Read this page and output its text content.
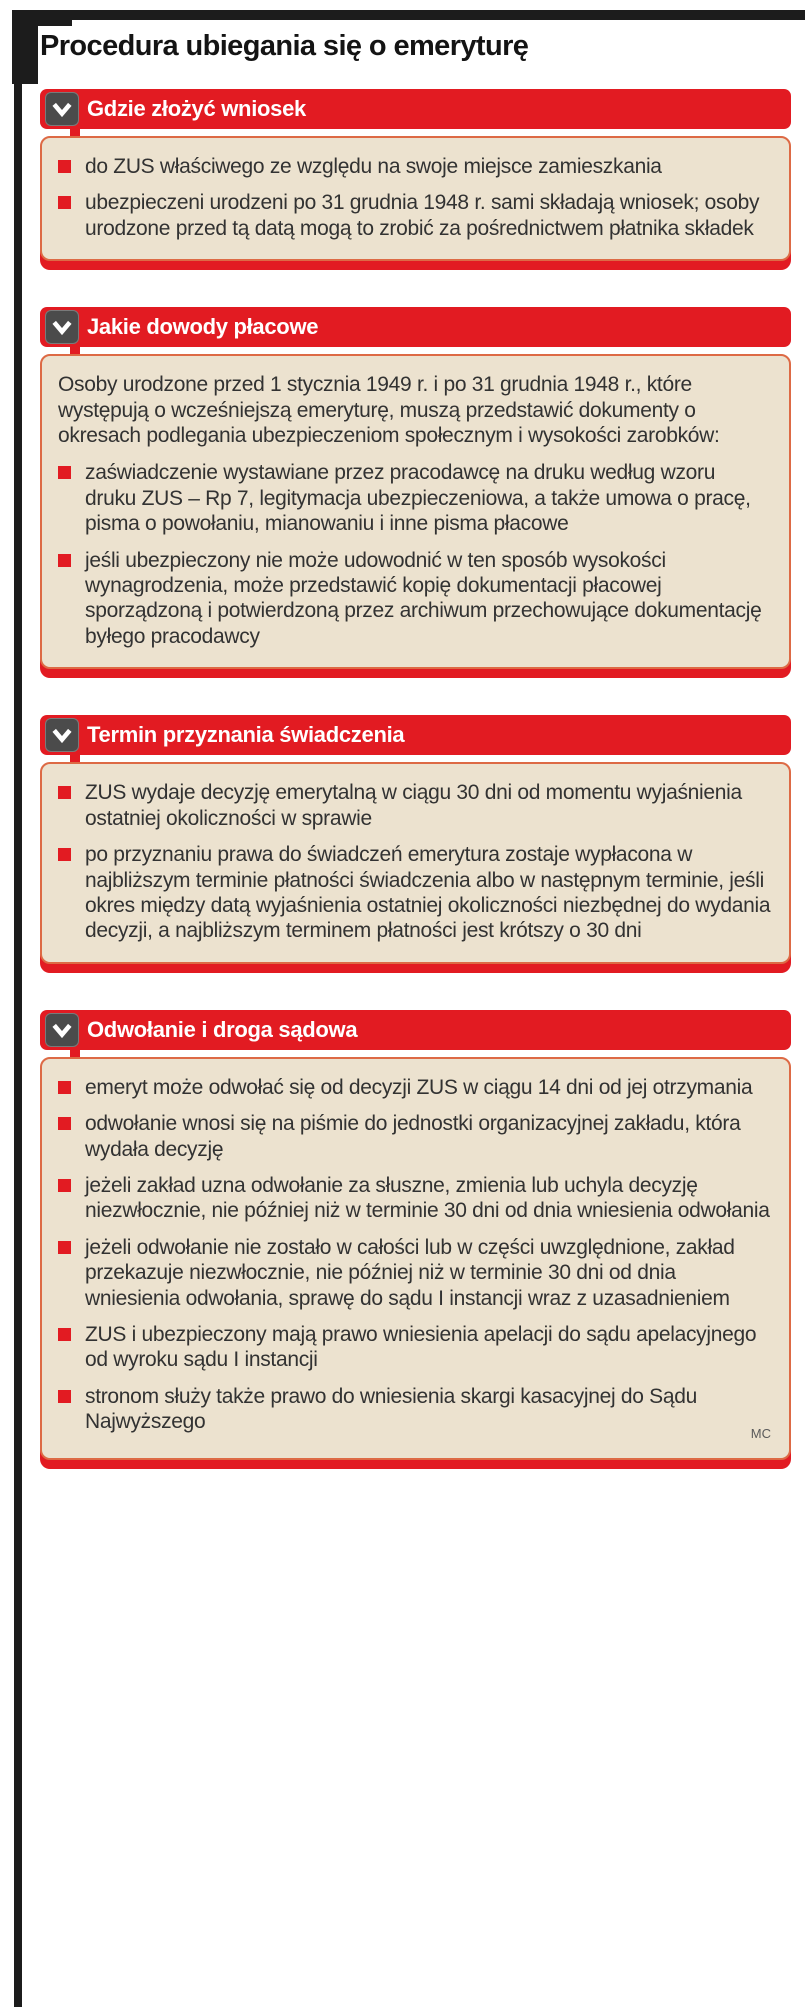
Procedura ubiegania się o emeryturę
Gdzie złożyć wniosek
do ZUS właściwego ze względu na swoje miejsce zamieszkania
ubezpieczeni urodzeni po 31 grudnia 1948 r. sami składają wniosek; osoby urodzone przed tą datą mogą to zrobić za pośrednictwem płatnika składek
Jakie dowody płacowe

Osoby urodzone przed 1 stycznia 1949 r. i po 31 grudnia 1948 r., które występują o wcześniejszą emeryturę, muszą przedstawić dokumenty o okresach podlegania ubezpieczeniom społecznym i wysokości zarobków:

zaświadczenie wystawiane przez pracodawcę na druku według wzoru druku ZUS – Rp 7, legitymacja ubezpieczeniowa, a także umowa o pracę, pisma o powołaniu, mianowaniu i inne pisma płacowe
jeśli ubezpieczony nie może udowodnić w ten sposób wysokości wynagrodzenia, może przedstawić kopię dokumentacji płacowej sporządzoną i potwierdzoną przez archiwum przechowujące dokumentację byłego pracodawcy
Termin przyznania świadczenia
ZUS wydaje decyzję emerytalną w ciągu 30 dni od momentu wyjaśnienia ostatniej okoliczności w sprawie
po przyznaniu prawa do świadczeń emerytura zostaje wypłacona w najbliższym terminie płatności świadczenia albo w następnym terminie, jeśli okres między datą wyjaśnienia ostatniej okoliczności niezbędnej do wydania decyzji, a najbliższym terminem płatności jest krótszy o 30 dni
Odwołanie i droga sądowa
emeryt może odwołać się od decyzji ZUS w ciągu 14 dni od jej otrzymania
odwołanie wnosi się na piśmie do jednostki organizacyjnej zakładu, która wydała decyzję
jeżeli zakład uzna odwołanie za słuszne, zmienia lub uchyla decyzję niezwłocznie, nie później niż w terminie 30 dni od dnia wniesienia odwołania
jeżeli odwołanie nie zostało w całości lub w części uwzględnione, zakład przekazuje niezwłocznie, nie później niż w terminie 30 dni od dnia wniesienia odwołania, sprawę do sądu I instancji wraz z uzasadnieniem
ZUS i ubezpieczony mają prawo wniesienia apelacji do sądu apelacyjnego od wyroku sądu I instancji
stronom służy także prawo do wniesienia skargi kasacyjnej do Sądu Najwyższego	MC
